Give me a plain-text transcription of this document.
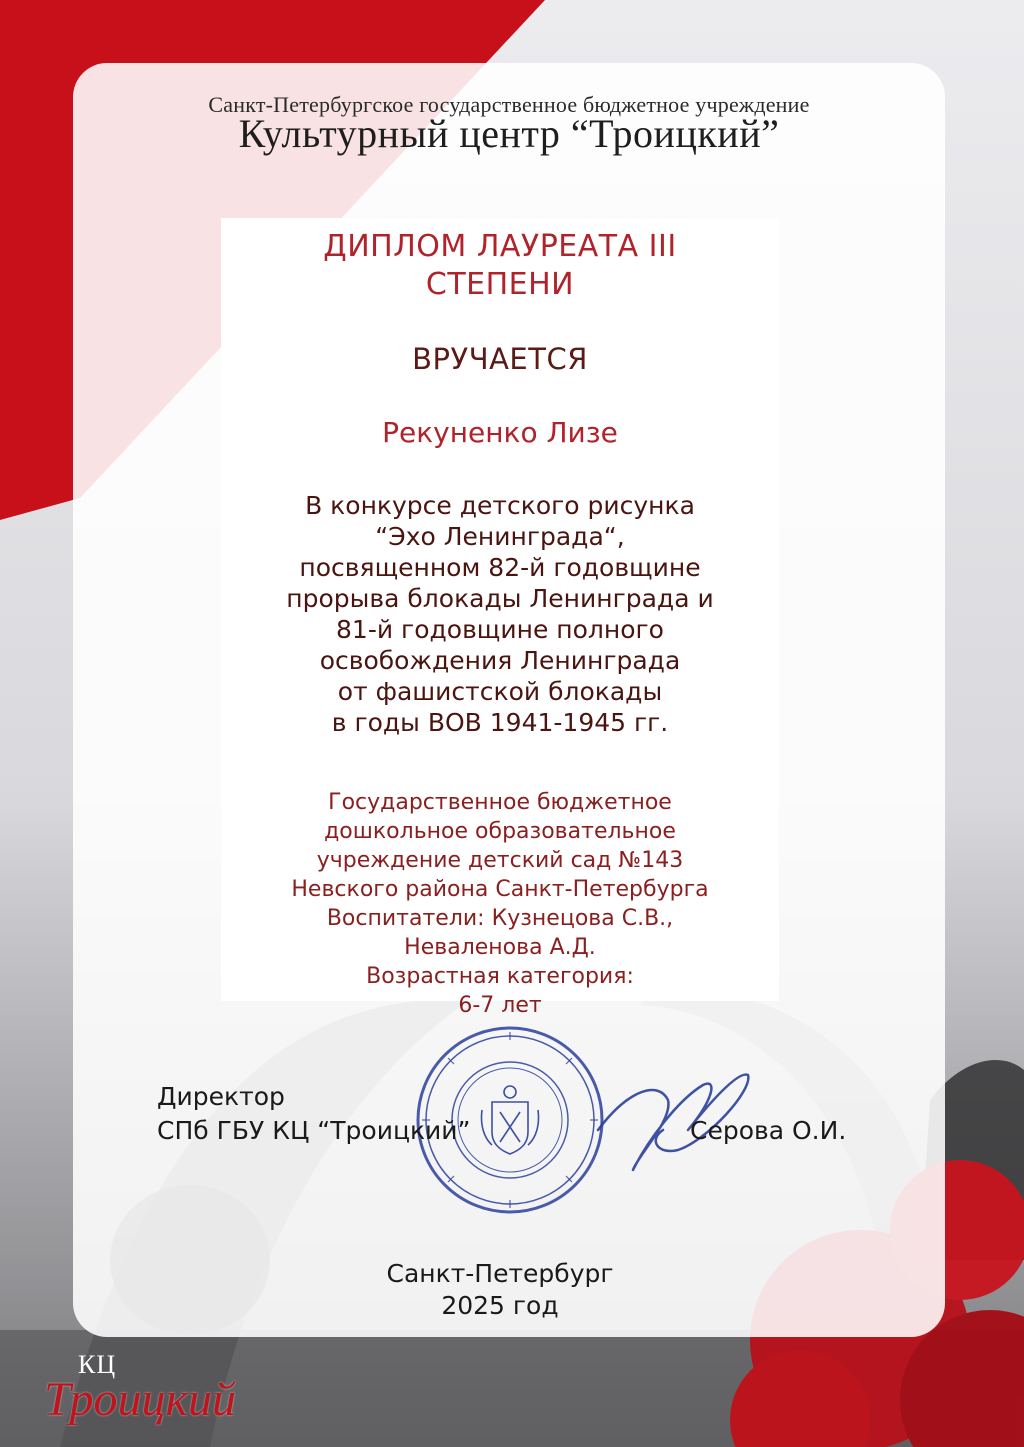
Санкт-Петербургское государственное бюджетное учреждение
Культурный центр “Троицкий”
ДИПЛОМ ЛАУРЕАТА III
СТЕПЕНИ
ВРУЧАЕТСЯ
Рекуненко Лизе
В конкурсе детского рисунка
“Эхо Ленинграда“,
посвященном 82-й годовщине
прорыва блокады Ленинграда и
81-й годовщине полного
освобождения Ленинграда
от фашистской блокады
в годы ВОВ 1941-1945 гг.
Государственное бюджетное
дошкольное образовательное
учреждение детский сад №143
Невского района Санкт-Петербурга
Воспитатели: Кузнецова С.В.,
Неваленова А.Д.
Возрастная категория:
6-7 лет
Директор
СПб ГБУ КЦ “Троицкий”	Серова О.И.
Санкт-Петербург
2025 год
КЦ
Троицкий
